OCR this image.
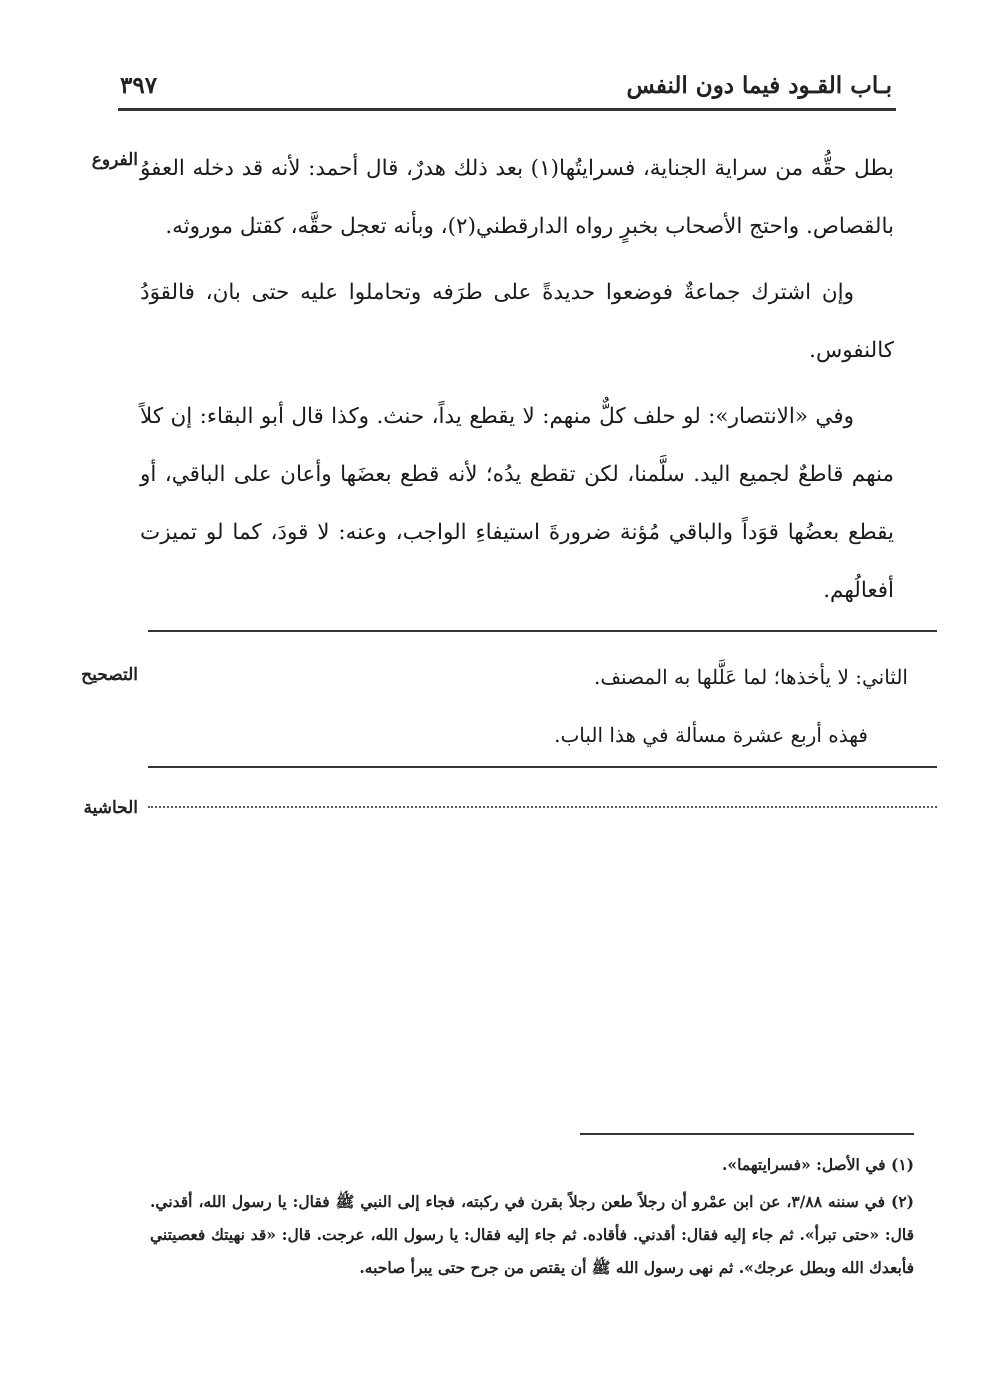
بـاب القـود فيما دون النفس
٣٩٧
الفروع بطل حقُّه من سراية الجناية، فسرايتُها(١) بعد ذلك هدرٌ، قال أحمد: لأنه قد دخله العفوُ بالقصاص. واحتج الأصحاب بخبرٍ رواه الدارقطني(٢)، وبأنه تعجل حقَّه، كقتل موروثه.

وإن اشترك جماعةٌ فوضعوا حديدةً على طرَفه وتحاملوا عليه حتى بان، فالقوَدُ كالنفوس.

وفي «الانتصار»: لو حلف كلٌّ منهم: لا يقطع يداً، حنث. وكذا قال أبو البقاء: إن كلاً منهم قاطعٌ لجميع اليد. سلَّمنا، لكن تقطع يدُه؛ لأنه قطع بعضَها وأعان على الباقي، أو يقطع بعضُها قوَداً والباقي مُؤنة ضرورةَ استيفاءِ الواجب، وعنه: لا قودَ، كما لو تميزت أفعالُهم.

التصحيح	الثاني: لا يأخذها؛ لما عَلَّلها به المصنف.

فهذه أربع عشرة مسألة في هذا الباب.

الحاشية

(١) في الأصل: «فسرايتهما».

(٢) في سننه ٣/٨٨، عن ابن عمْرو أن رجلاً طعن رجلاً بقرن في ركبته، فجاء إلى النبي ﷺ فقال: يا رسول الله، أقدني. قال: «حتى تبرأ». ثم جاء إليه فقال: أقدني. فأقاده. ثم جاء إليه فقال: يا رسول الله، عرجت. قال: «قد نهيتك فعصيتني فأبعدك الله وبطل عرجك». ثم نهى رسول الله ﷺ أن يقتص من جرح حتى يبرأ صاحبه.
